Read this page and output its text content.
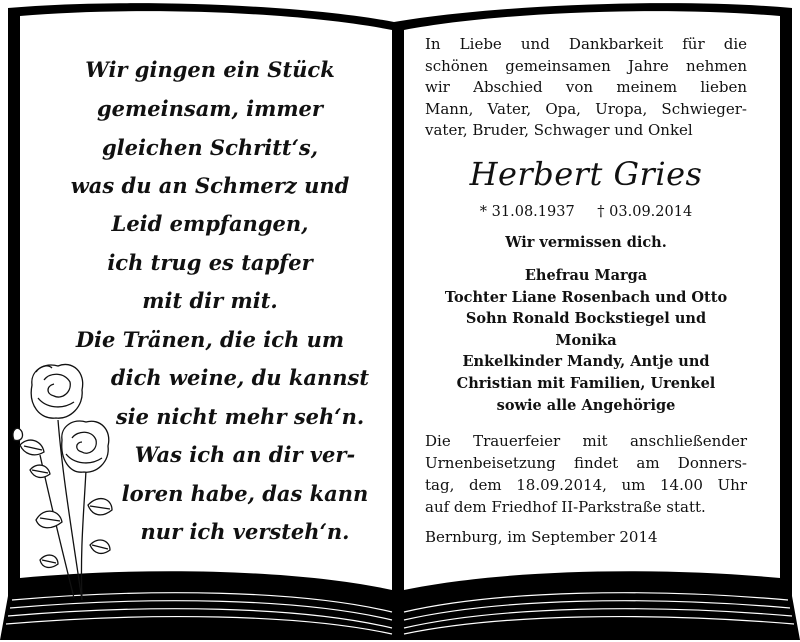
Wir gingen ein Stück
gemeinsam, immer
gleichen Schritt‘s,
was du an Schmerz und
Leid empfangen,
ich trug es tapfer
mit dir mit.
Die Tränen, die ich um
dich weine, du kannst
sie nicht mehr seh‘n.
Was ich an dir ver-
loren habe, das kann
nur ich versteh‘n.
In Liebe und Dankbarkeit für die
schönen gemeinsamen Jahre nehmen
wir Abschied von meinem lieben
Mann, Vater, Opa, Uropa, Schwieger-
vater, Bruder, Schwager und Onkel
Herbert Gries
* 31.08.1937 † 03.09.2014
Wir vermissen dich.
Ehefrau Marga
Tochter Liane Rosenbach und Otto
Sohn Ronald Bockstiegel und
Monika
Enkelkinder Mandy, Antje und
Christian mit Familien, Urenkel
sowie alle Angehörige
Die Trauerfeier mit anschließender
Urnenbeisetzung findet am Donners-
tag, dem 18.09.2014, um 14.00 Uhr
auf dem Friedhof II-Parkstraße statt.
Bernburg, im September 2014
